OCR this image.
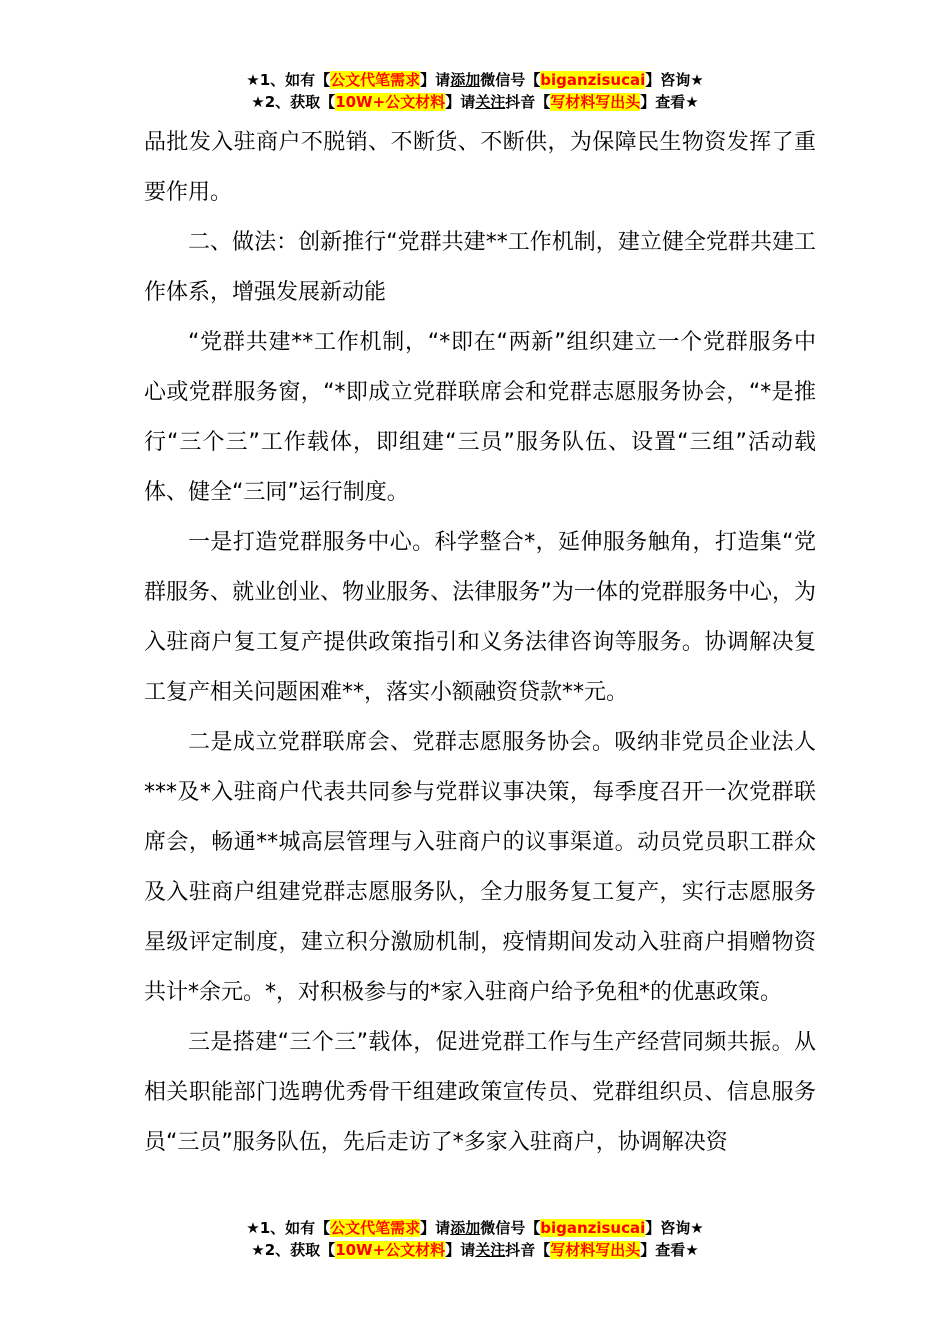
★1、如有【公文代笔需求】请添加微信号【biganzisucai】咨询★
★2、获取【10W+公文材料】请关注抖音【写材料写出头】查看★

品批发入驻商户不脱销、不断货、不断供，为保障民生物资发挥了重要作用。

二、做法：创新推行“党群共建**工作机制，建立健全党群共建工作体系，增强发展新动能

“党群共建**工作机制，“*即在“两新”组织建立一个党群服务中心或党群服务窗，“*即成立党群联席会和党群志愿服务协会，“*是推行“三个三”工作载体，即组建“三员”服务队伍、设置“三组”活动载体、健全“三同”运行制度。

一是打造党群服务中心。科学整合*，延伸服务触角，打造集“党群服务、就业创业、物业服务、法律服务”为一体的党群服务中心，为入驻商户复工复产提供政策指引和义务法律咨询等服务。协调解决复工复产相关问题困难**，落实小额融资贷款**元。

二是成立党群联席会、党群志愿服务协会。吸纳非党员企业法人***及*入驻商户代表共同参与党群议事决策，每季度召开一次党群联席会，畅通**城高层管理与入驻商户的议事渠道。动员党员职工群众及入驻商户组建党群志愿服务队，全力服务复工复产，实行志愿服务星级评定制度，建立积分激励机制，疫情期间发动入驻商户捐赠物资共计*余元。*，对积极参与的*家入驻商户给予免租*的优惠政策。

三是搭建“三个三”载体，促进党群工作与生产经营同频共振。从相关职能部门选聘优秀骨干组建政策宣传员、党群组织员、信息服务员“三员”服务队伍，先后走访了*多家入驻商户，协调解决资

★1、如有【公文代笔需求】请添加微信号【biganzisucai】咨询★
★2、获取【10W+公文材料】请关注抖音【写材料写出头】查看★
